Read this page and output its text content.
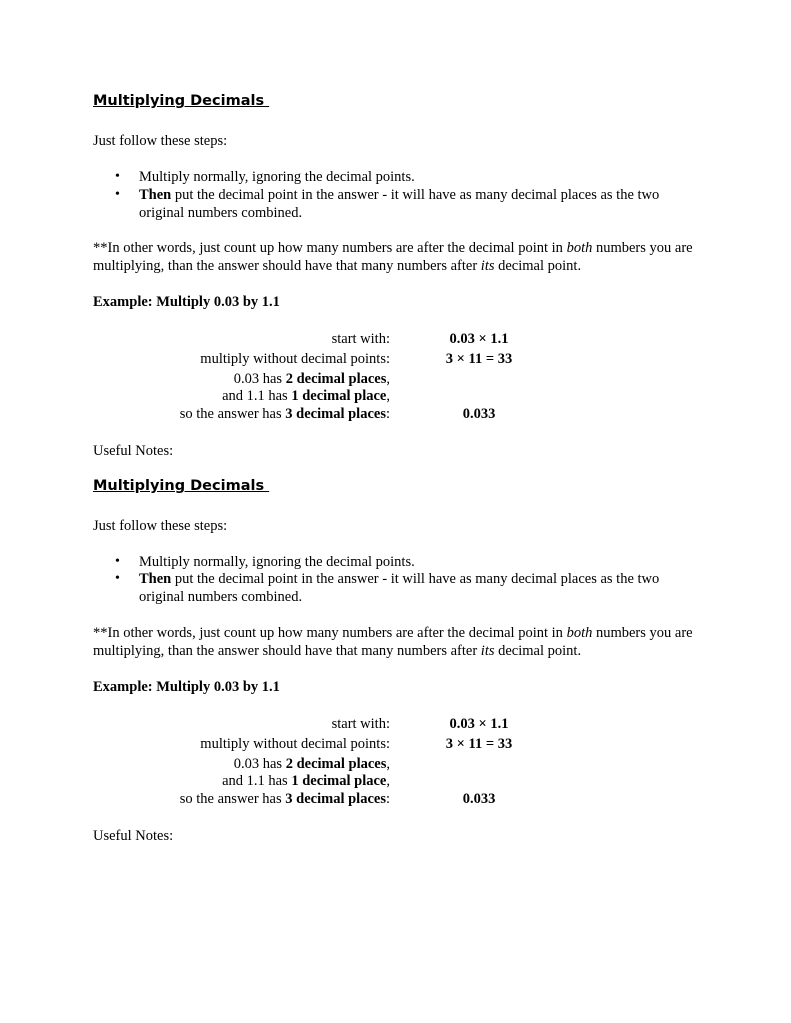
Multiplying Decimals
Just follow these steps:
• Multiply normally, ignoring the decimal points.
• Then put the decimal point in the answer - it will have as many decimal places as the two original numbers combined.
**In other words, just count up how many numbers are after the decimal point in both numbers you are multiplying, than the answer should have that many numbers after its decimal point.
Example: Multiply 0.03 by 1.1
start with:	0.03 × 1.1
multiply without decimal points:	3 × 11 = 33
0.03 has 2 decimal places,
and 1.1 has 1 decimal place,
so the answer has 3 decimal places:	0.033
Useful Notes:
Multiplying Decimals
Just follow these steps:
• Multiply normally, ignoring the decimal points.
• Then put the decimal point in the answer - it will have as many decimal places as the two original numbers combined.
**In other words, just count up how many numbers are after the decimal point in both numbers you are multiplying, than the answer should have that many numbers after its decimal point.
Example: Multiply 0.03 by 1.1
start with:	0.03 × 1.1
multiply without decimal points:	3 × 11 = 33
0.03 has 2 decimal places,
and 1.1 has 1 decimal place,
so the answer has 3 decimal places:	0.033
Useful Notes:
